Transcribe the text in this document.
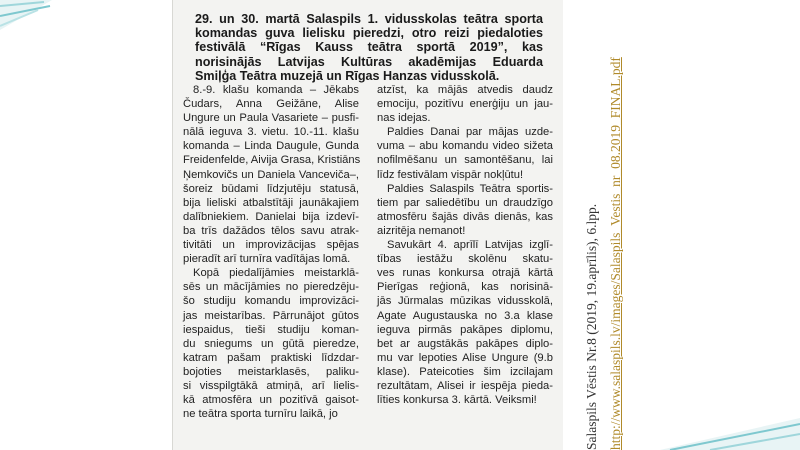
29. un 30. martā Salaspils 1. vidusskolas teātra sporta
komandas guva lielisku pieredzi, otro reizi piedaloties
festivālā “Rīgas Kauss teātra sportā 2019”, kas
norisinājās Latvijas Kultūras akadēmijas Eduarda
Smiļģa Teātra muzejā un Rīgas Hanzas vidusskolā.
8.-9. klašu komanda – Jēkabs
Čudars, Anna Geižāne, Alise
Ungure un Paula Vasariete – pusfi-
nālā ieguva 3. vietu. 10.-11. klašu
komanda – Linda Daugule, Gunda
Freidenfelde, Aivija Grasa, Kristiāns
Ņemkovičs un Daniela Vancevičа–,
šoreiz būdami līdzjutēju statusā,
bija lieliski atbalstītāji jaunākajiem
dalībniekiem. Danielai bija izdevī-
ba trīs dažādos tēlos savu atrak-
tivitāti un improvizācijas spējas
pieradīt arī turnīra vadītājas lomā.
Kopā piedalījāmies meistarklā-
sēs un mācījāmies no pieredzēju-
šo studiju komandu improvizāci-
jas meistarības. Pārrunājot gūtos
iespaidus, tieši studiju koman-
du sniegums un gūtā pieredze,
katram pašam praktiski līdzdar-
bojoties meistarklasēs, paliku-
si visspilgtākā atmiņā, arī lielis-
kā atmosfēra un pozitīvā gaisot-
ne teātra sporta turnīru laikā, jo
atzīst, ka mājās atvedis daudz
emociju, pozitīvu enerģiju un jau-
nas idejas.
Paldies Danai par mājas uzde-
vuma – abu komandu video sižeta
nofilmēšanu un samontēšanu, lai
līdz festivālam vispār nokļūtu!
Paldies Salaspils Teātra sportis-
tiem par saliedētību un draudzīgo
atmosfēru šajās divās dienās, kas
aizritēja nemanot!
Savukārt 4. aprīlī Latvijas izglī-
tības iestāžu skolēnu skatu-
ves runas konkursa otrajā kārtā
Pierīgas reģionā, kas norisinā-
jās Jūrmalas mūzikas vidusskolā,
Agate Augustauska no 3.a klase
ieguva pirmās pakāpes diplomu,
bet ar augstākās pakāpes diplo-
mu var lepoties Alise Ungure (9.b
klase). Pateicoties šim izcilajam
rezultātam, Alisei ir iespēja pieda-
līties konkursa 3. kārtā. Veiksmi!	Salaspils Vēstis Nr.8 (2019, 19.aprīlis), 6.lpp. http://www.salaspils.lv/images/Salaspils_Vestis_nr_08.2019_FINAL.pdf
